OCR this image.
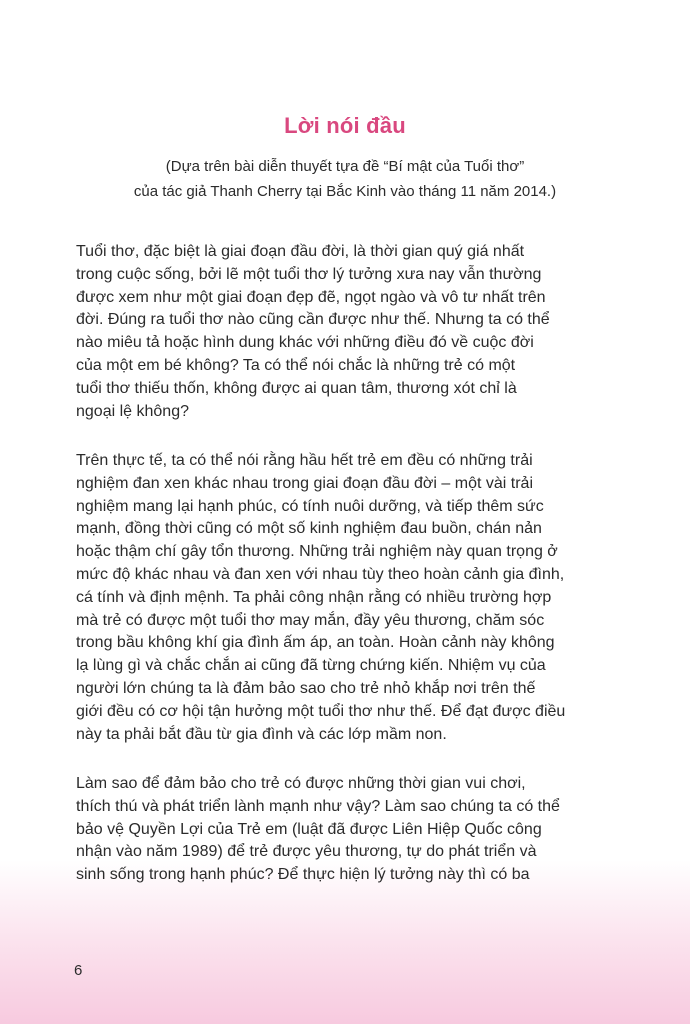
Lời nói đầu
(Dựa trên bài diễn thuyết tựa đề “Bí mật của Tuổi thơ”
của tác giả Thanh Cherry tại Bắc Kinh vào tháng 11 năm 2014.)
Tuổi thơ, đặc biệt là giai đoạn đầu đời, là thời gian quý giá nhất
trong cuộc sống, bởi lẽ một tuổi thơ lý tưởng xưa nay vẫn thường
được xem như một giai đoạn đẹp đẽ, ngọt ngào và vô tư nhất trên
đời. Đúng ra tuổi thơ nào cũng cần được như thế. Nhưng ta có thể
nào miêu tả hoặc hình dung khác với những điều đó về cuộc đời
của một em bé không? Ta có thể nói chắc là những trẻ có một
tuổi thơ thiếu thốn, không được ai quan tâm, thương xót chỉ là
ngoại lệ không?
Trên thực tế, ta có thể nói rằng hầu hết trẻ em đều có những trải
nghiệm đan xen khác nhau trong giai đoạn đầu đời – một vài trải
nghiệm mang lại hạnh phúc, có tính nuôi dưỡng, và tiếp thêm sức
mạnh, đồng thời cũng có một số kinh nghiệm đau buồn, chán nản
hoặc thậm chí gây tổn thương. Những trải nghiệm này quan trọng ở
mức độ khác nhau và đan xen với nhau tùy theo hoàn cảnh gia đình,
cá tính và định mệnh. Ta phải công nhận rằng có nhiều trường hợp
mà trẻ có được một tuổi thơ may mắn, đầy yêu thương, chăm sóc
trong bầu không khí gia đình ấm áp, an toàn. Hoàn cảnh này không
lạ lùng gì và chắc chắn ai cũng đã từng chứng kiến. Nhiệm vụ của
người lớn chúng ta là đảm bảo sao cho trẻ nhỏ khắp nơi trên thế
giới đều có cơ hội tận hưởng một tuổi thơ như thế. Để đạt được điều
này ta phải bắt đầu từ gia đình và các lớp mầm non.
Làm sao để đảm bảo cho trẻ có được những thời gian vui chơi,
thích thú và phát triển lành mạnh như vậy? Làm sao chúng ta có thể
bảo vệ Quyền Lợi của Trẻ em (luật đã được Liên Hiệp Quốc công
nhận vào năm 1989) để trẻ được yêu thương, tự do phát triển và
sinh sống trong hạnh phúc? Để thực hiện lý tưởng này thì có ba
6
